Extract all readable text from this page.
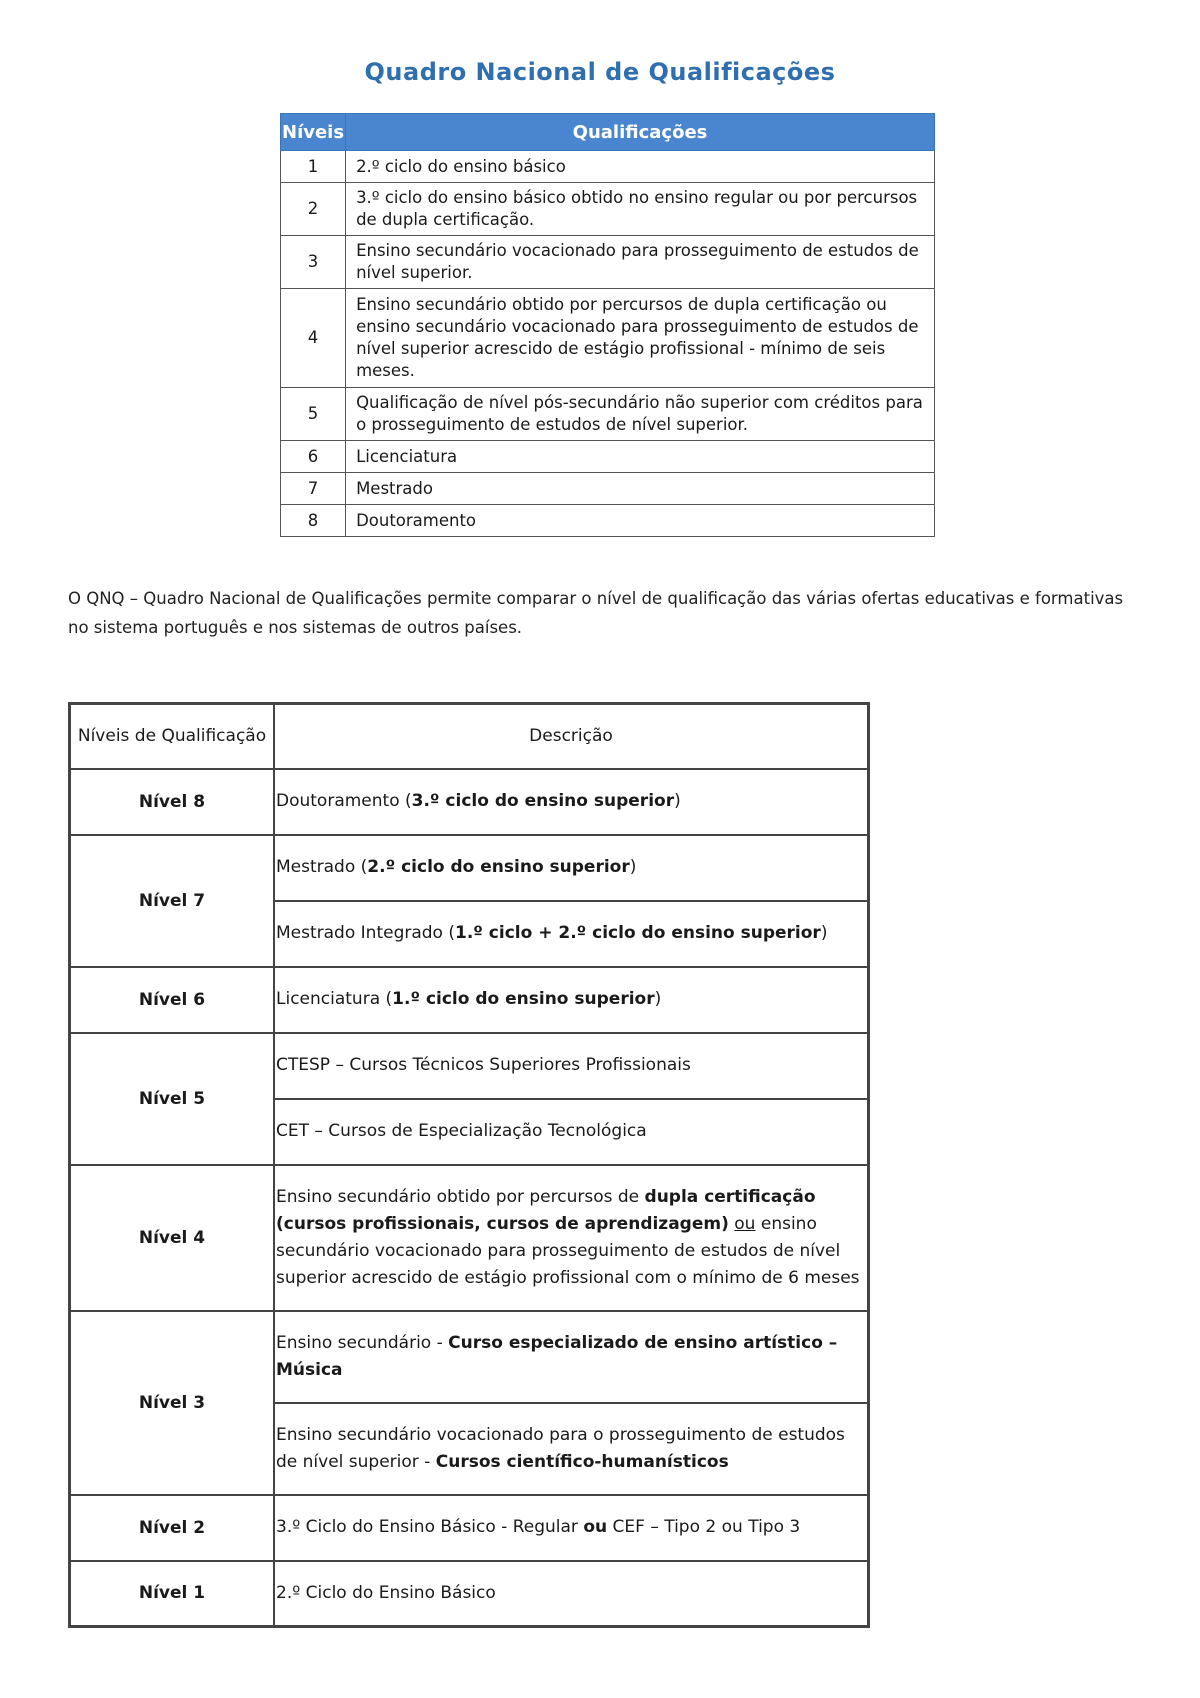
Quadro Nacional de Qualificações
Níveis	Qualificações
1	2.º ciclo do ensino básico
2	3.º ciclo do ensino básico obtido no ensino regular ou por percursos de dupla certificação.
3	Ensino secundário vocacionado para prosseguimento de estudos de nível superior.
4	Ensino secundário obtido por percursos de dupla certificação ou ensino secundário vocacionado para prosseguimento de estudos de nível superior acrescido de estágio profissional - mínimo de seis meses.
5	Qualificação de nível pós-secundário não superior com créditos para o prosseguimento de estudos de nível superior.
6	Licenciatura
7	Mestrado
8	Doutoramento
O QNQ – Quadro Nacional de Qualificações permite comparar o nível de qualificação das várias ofertas educativas e formativas no sistema português e nos sistemas de outros países.
Níveis de Qualificação	Descrição
Nível 8	Doutoramento (3.º ciclo do ensino superior)
Nível 7	Mestrado (2.º ciclo do ensino superior)
	Mestrado Integrado (1.º ciclo + 2.º ciclo do ensino superior)
Nível 6	Licenciatura (1.º ciclo do ensino superior)
Nível 5	CTESP – Cursos Técnicos Superiores Profissionais
	CET – Cursos de Especialização Tecnológica
Nível 4	Ensino secundário obtido por percursos de dupla certificação (cursos profissionais, cursos de aprendizagem) ou ensino secundário vocacionado para prosseguimento de estudos de nível superior acrescido de estágio profissional com o mínimo de 6 meses
Nível 3	Ensino secundário - Curso especializado de ensino artístico – Música
	Ensino secundário vocacionado para o prosseguimento de estudos de nível superior - Cursos científico-humanísticos
Nível 2	3.º Ciclo do Ensino Básico - Regular ou CEF – Tipo 2 ou Tipo 3
Nível 1	2.º Ciclo do Ensino Básico
